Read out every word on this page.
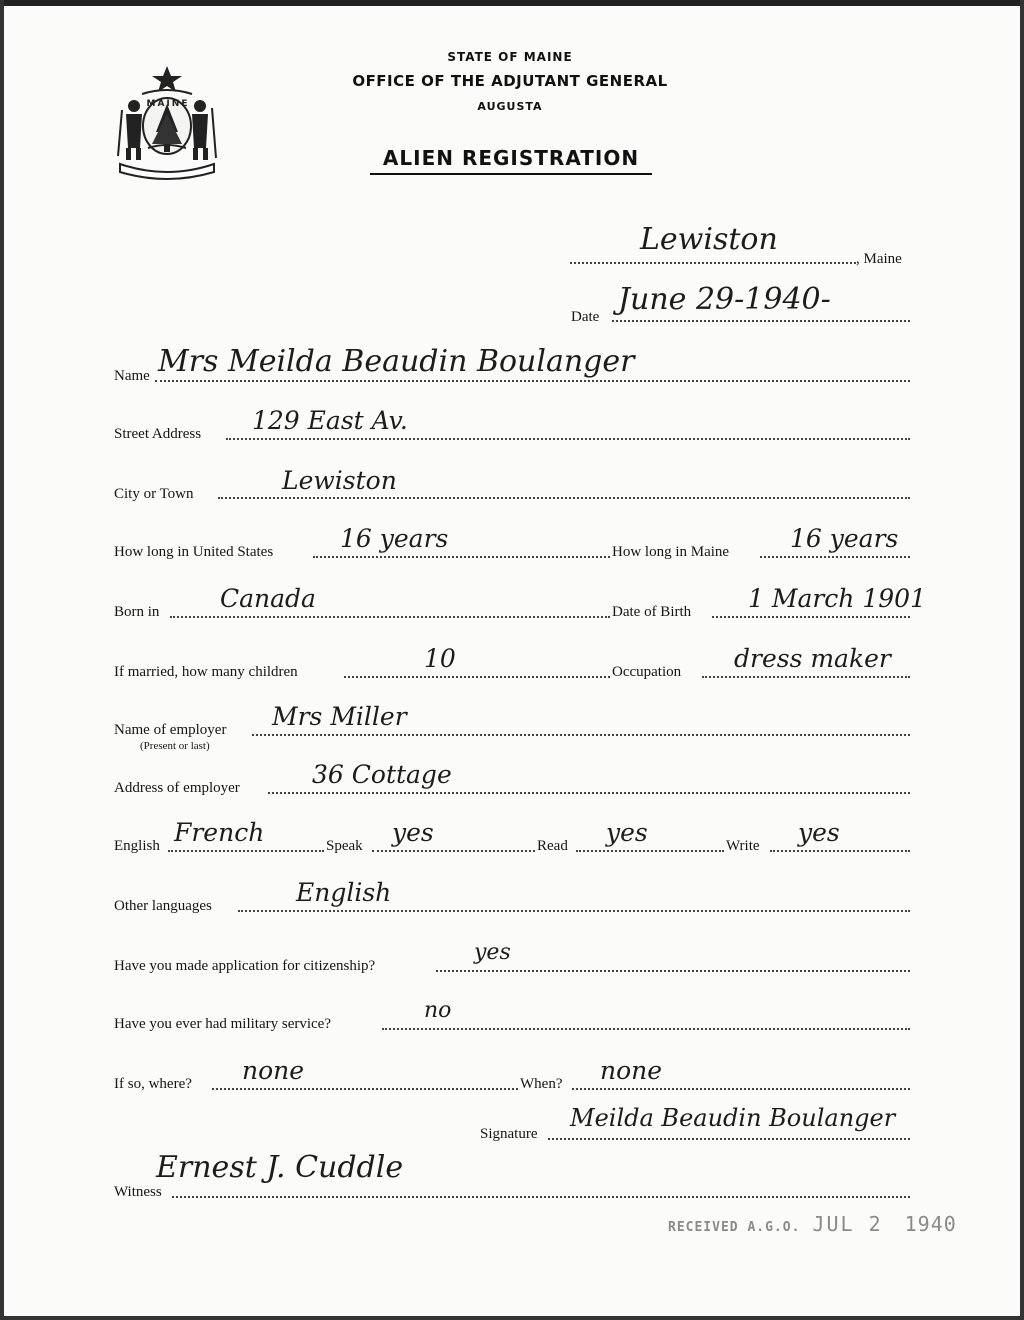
MAINE
STATE OF MAINE
OFFICE OF THE ADJUTANT GENERAL
AUGUSTA
ALIEN REGISTRATION
Lewiston
, Maine
Date June 29-1940-
Name Mrs Meilda Beaudin Boulanger
Street Address 129 East Av.
City or Town	Lewiston
How long in United States	16 years	How long in Maine 16 years
Born in Canada	Date of Birth 1 March 1901
If married, how many children	10	Occupation dress maker
Name of employer
(Present or last)
Mrs Miller
Address of employer	36 Cottage
English French	Speak yes	Read yes	Write yes
Other languages	English
Have you made application for citizenship?
yes
Have you ever had military service?
no
If so, where? none	When? none
Signature
Meilda Beaudin Boulanger
Witness
Ernest J. Cuddle
RECEIVED A.G.O. JUL 2 1940
